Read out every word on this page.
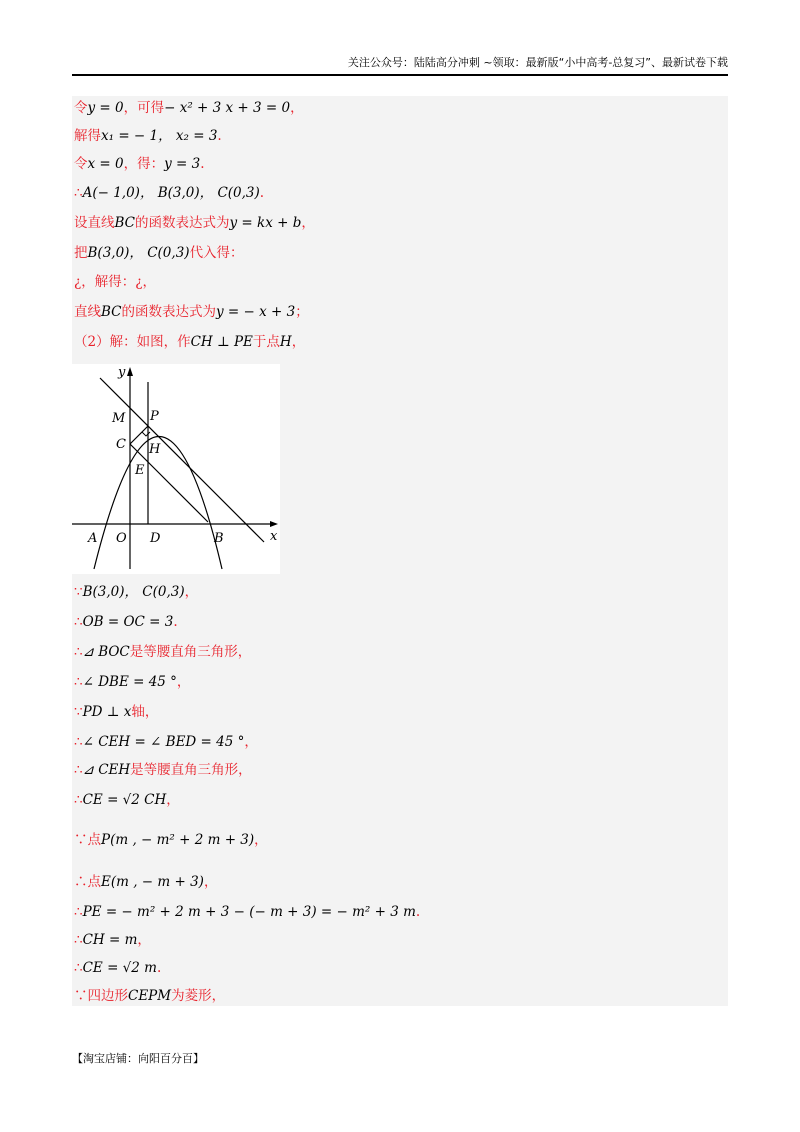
关注公众号：陆陆高分冲刺 ~领取：最新版“小中高考-总复习”、最新试卷下载
令y = 0，可得− x² + 3 x + 3 = 0，
解得x₁ = − 1， x₂ = 3.
令x = 0，得：y = 3.
∴A(− 1,0)， B(3,0)， C(0,3).
设直线BC的函数表达式为y = kx + b，
把B(3,0)， C(0,3)代入得：
¿，解得：¿，
直线BC的函数表达式为y = − x + 3；
（2）解：如图，作CH ⊥ PE于点H，
y
x
M P
C H
E
A O D	B
∵B(3,0)， C(0,3)，
∴OB = OC = 3.
∴⊿ BOC是等腰直角三角形，
∴∠ DBE = 45 °，
∵PD ⊥ x轴，
∴∠ CEH = ∠ BED = 45 °，
∴⊿ CEH是等腰直角三角形，
∴CE = √2 CH，
∵点P(m , − m² + 2 m + 3)，
∴点E(m , − m + 3)，
∴PE = − m² + 2 m + 3 − (− m + 3) = − m² + 3 m.
∴CH = m，
∴CE = √2 m.
∵四边形CEPM为菱形，
【淘宝店铺：向阳百分百】
